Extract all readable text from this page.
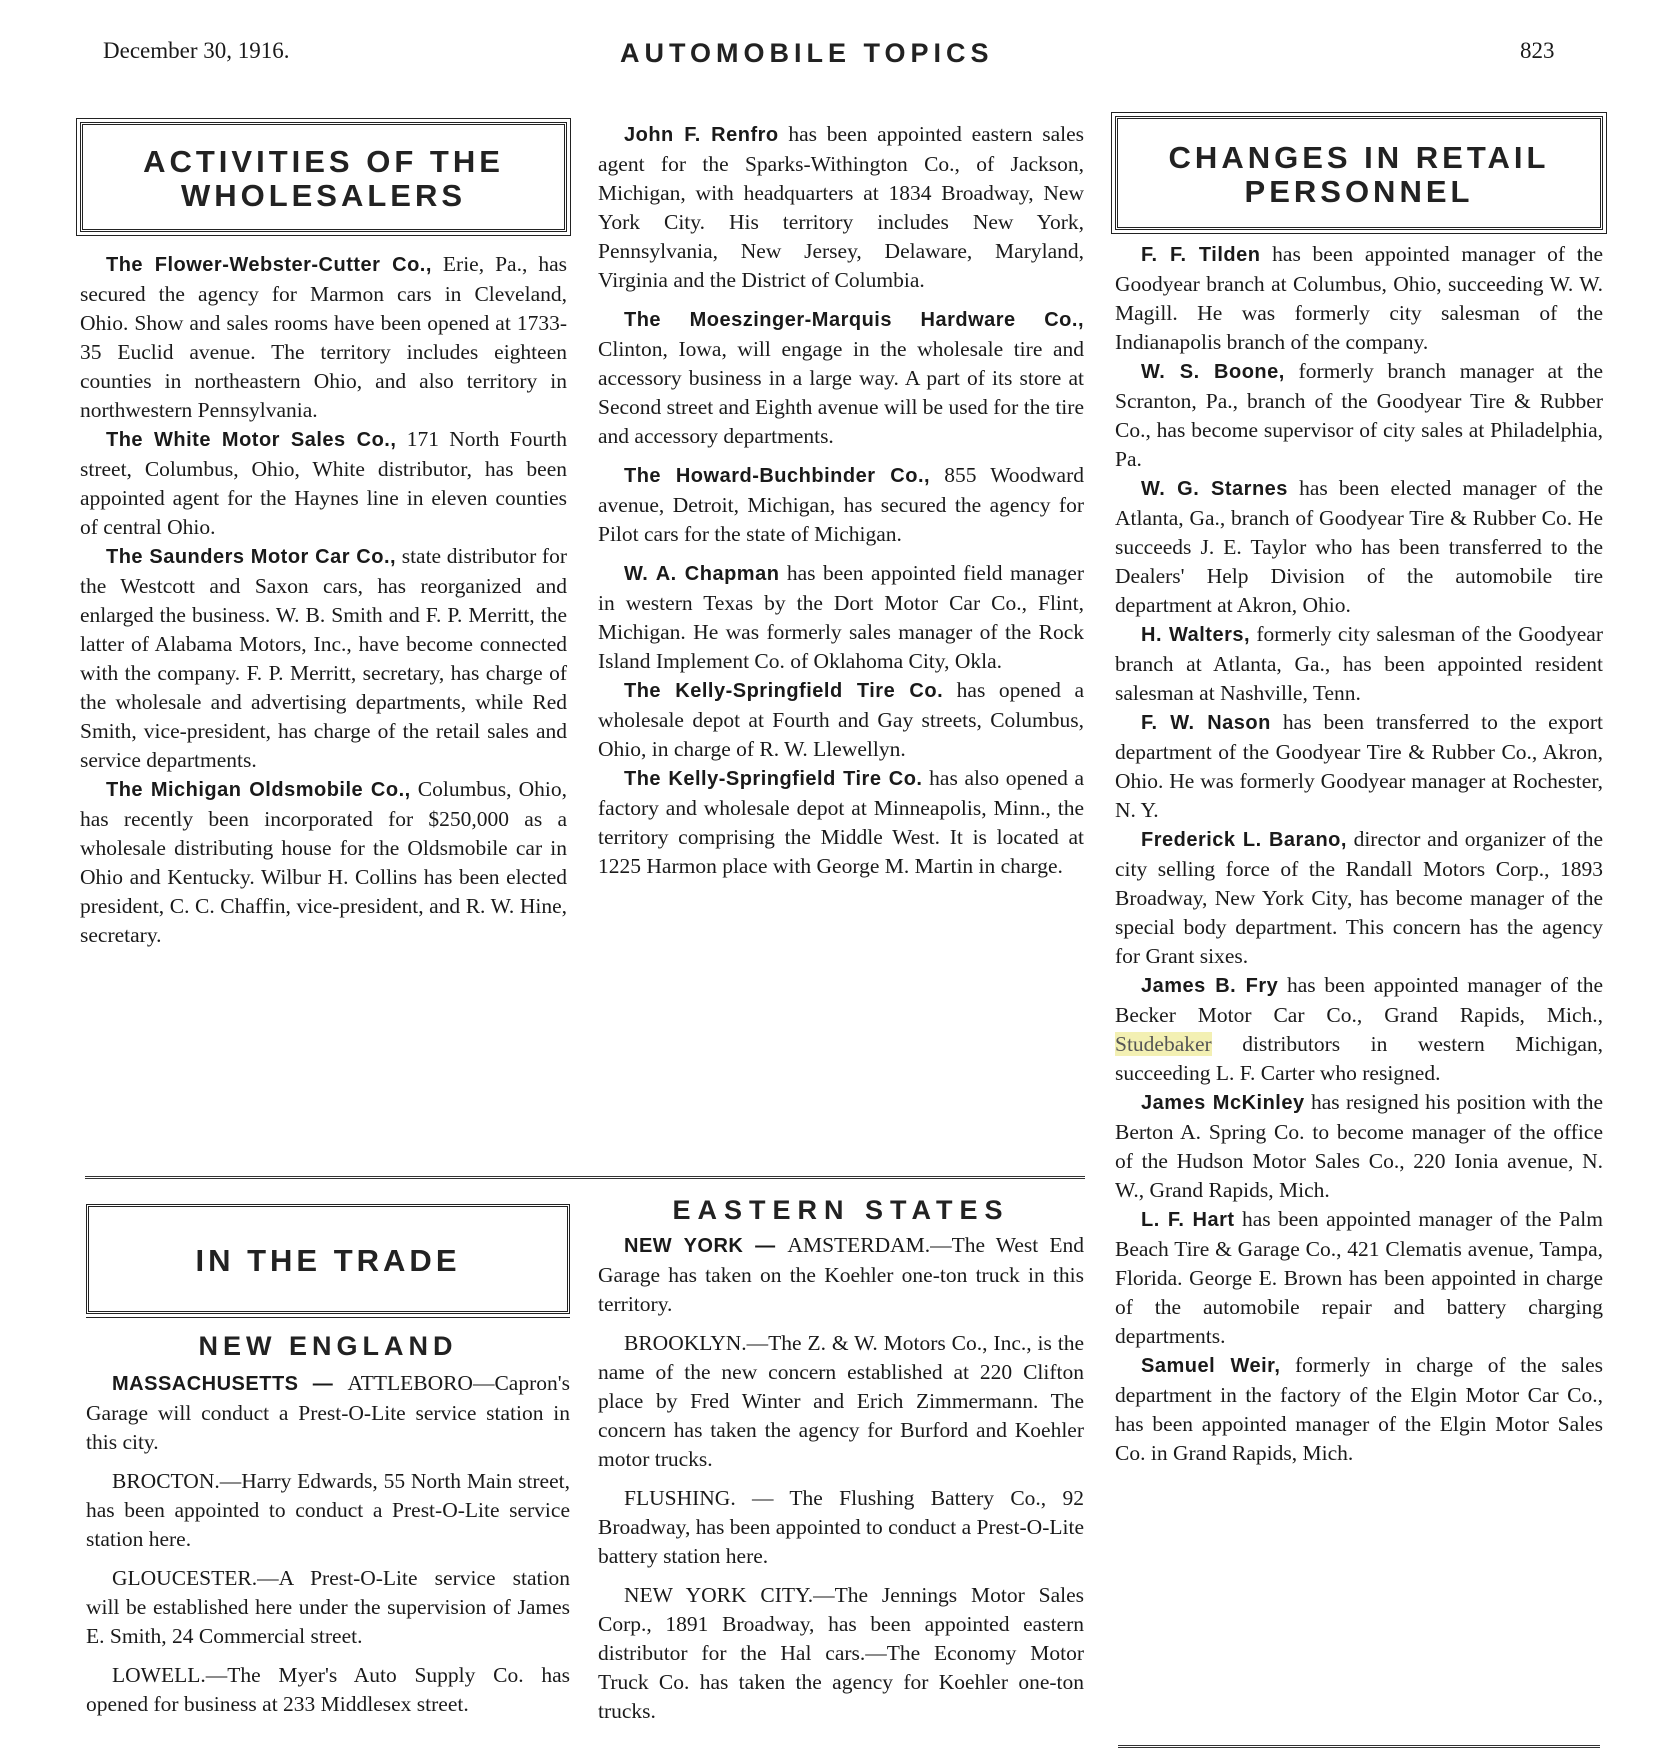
December 30, 1916.	AUTOMOBILE TOPICS	823
ACTIVITIES OF THE
WHOLESALERS

The Flower-Webster-Cutter Co., Erie, Pa., has secured the agency for Marmon cars in Cleveland, Ohio. Show and sales rooms have been opened at 1733-35 Euclid avenue. The territory includes eighteen counties in northeastern Ohio, and also territory in northwestern Pennsylvania.

The White Motor Sales Co., 171 North Fourth street, Columbus, Ohio, White distributor, has been appointed agent for the Haynes line in eleven counties of central Ohio.

The Saunders Motor Car Co., state distributor for the Westcott and Saxon cars, has reorganized and enlarged the business. W. B. Smith and F. P. Merritt, the latter of Alabama Motors, Inc., have become connected with the company. F. P. Merritt, secretary, has charge of the wholesale and advertising departments, while Red Smith, vice-president, has charge of the retail sales and service departments.

The Michigan Oldsmobile Co., Columbus, Ohio, has recently been incorporated for $250,000 as a wholesale distributing house for the Oldsmobile car in Ohio and Kentucky. Wilbur H. Collins has been elected president, C. C. Chaffin, vice-president, and R. W. Hine, secretary.

John F. Renfro has been appointed eastern sales agent for the Sparks-Withington Co., of Jackson, Michigan, with headquarters at 1834 Broadway, New York City. His territory includes New York, Pennsylvania, New Jersey, Delaware, Maryland, Virginia and the District of Columbia.

The Moeszinger-Marquis Hardware Co., Clinton, Iowa, will engage in the wholesale tire and accessory business in a large way. A part of its store at Second street and Eighth avenue will be used for the tire and accessory departments.

The Howard-Buchbinder Co., 855 Woodward avenue, Detroit, Michigan, has secured the agency for Pilot cars for the state of Michigan.

W. A. Chapman has been appointed field manager in western Texas by the Dort Motor Car Co., Flint, Michigan. He was formerly sales manager of the Rock Island Implement Co. of Oklahoma City, Okla.

The Kelly-Springfield Tire Co. has opened a wholesale depot at Fourth and Gay streets, Columbus, Ohio, in charge of R. W. Llewellyn.

The Kelly-Springfield Tire Co. has also opened a factory and wholesale depot at Minneapolis, Minn., the territory comprising the Middle West. It is located at 1225 Harmon place with George M. Martin in charge.

CHANGES IN RETAIL
PERSONNEL

F. F. Tilden has been appointed manager of the Goodyear branch at Columbus, Ohio, succeeding W. W. Magill. He was formerly city salesman of the Indianapolis branch of the company.

W. S. Boone, formerly branch manager at the Scranton, Pa., branch of the Goodyear Tire & Rubber Co., has become supervisor of city sales at Philadelphia, Pa.

W. G. Starnes has been elected manager of the Atlanta, Ga., branch of Goodyear Tire & Rubber Co. He succeeds J. E. Taylor who has been transferred to the Dealers' Help Division of the automobile tire department at Akron, Ohio.

H. Walters, formerly city salesman of the Goodyear branch at Atlanta, Ga., has been appointed resident salesman at Nashville, Tenn.

F. W. Nason has been transferred to the export department of the Goodyear Tire & Rubber Co., Akron, Ohio. He was formerly Goodyear manager at Rochester, N. Y.

Frederick L. Barano, director and organizer of the city selling force of the Randall Motors Corp., 1893 Broadway, New York City, has become manager of the special body department. This concern has the agency for Grant sixes.

James B. Fry has been appointed manager of the Becker Motor Car Co., Grand Rapids, Mich., Studebaker distributors in western Michigan, succeeding L. F. Carter who resigned.

James McKinley has resigned his position with the Berton A. Spring Co. to become manager of the office of the Hudson Motor Sales Co., 220 Ionia avenue, N. W., Grand Rapids, Mich.

L. F. Hart has been appointed manager of the Palm Beach Tire & Garage Co., 421 Clematis avenue, Tampa, Florida. George E. Brown has been appointed in charge of the automobile repair and battery charging departments.

Samuel Weir, formerly in charge of the sales department in the factory of the Elgin Motor Car Co., has been appointed manager of the Elgin Motor Sales Co. in Grand Rapids, Mich.

IN THE TRADE
NEW ENGLAND

MASSACHUSETTS — ATTLEBORO—Capron's Garage will conduct a Prest-O-Lite service station in this city.

BROCTON.—Harry Edwards, 55 North Main street, has been appointed to conduct a Prest-O-Lite service station here.

GLOUCESTER.—A Prest-O-Lite service station will be established here under the supervision of James E. Smith, 24 Commercial street.

LOWELL.—The Myer's Auto Supply Co. has opened for business at 233 Middlesex street.

EASTERN STATES

NEW YORK — AMSTERDAM.—The West End Garage has taken on the Koehler one-ton truck in this territory.

BROOKLYN.—The Z. & W. Motors Co., Inc., is the name of the new concern established at 220 Clifton place by Fred Winter and Erich Zimmermann. The concern has taken the agency for Burford and Koehler motor trucks.

FLUSHING. — The Flushing Battery Co., 92 Broadway, has been appointed to conduct a Prest-O-Lite battery station here.

NEW YORK CITY.—The Jennings Motor Sales Corp., 1891 Broadway, has been appointed eastern distributor for the Hal cars.—The Economy Motor Truck Co. has taken the agency for Koehler one-ton trucks.
